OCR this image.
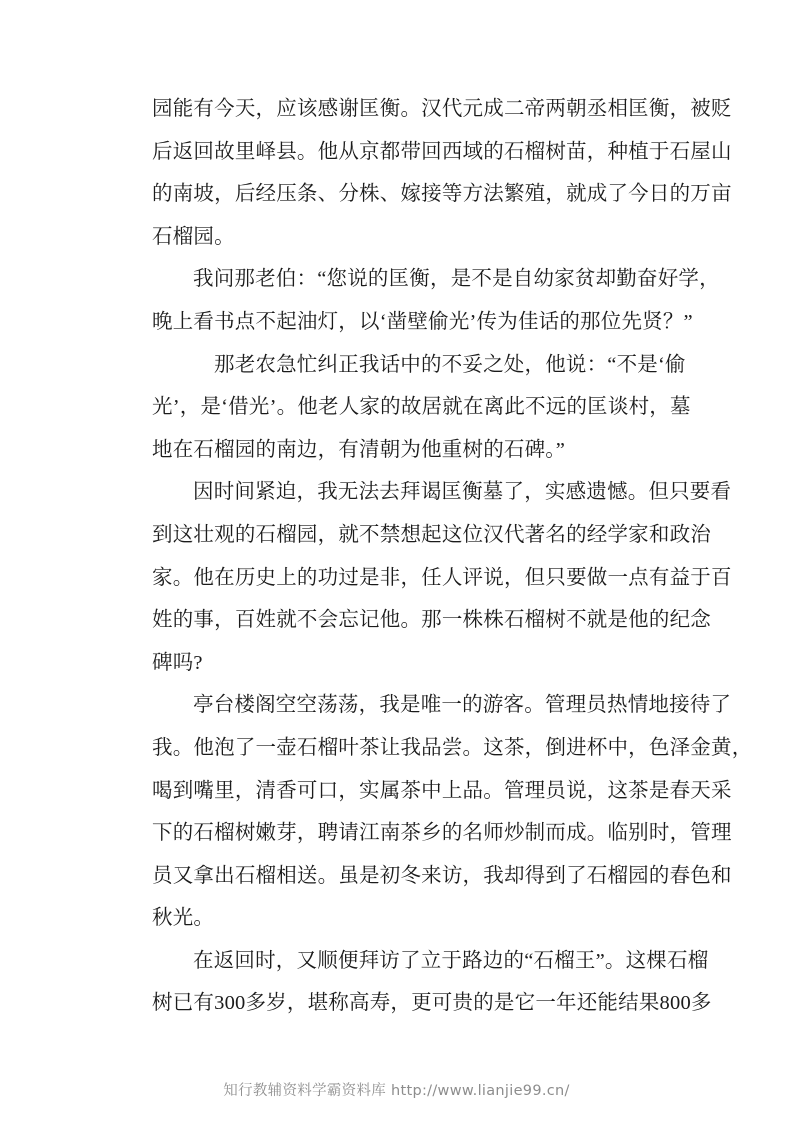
园 能 有 今 天 ， 应 该 感 谢 匡 衡 。 汉 代 元 成 二 帝 两 朝 丞 相 匡 衡 ， 被 贬
后 返 回 故 里 峄 县 。 他 从 京 都 带 回 西 域 的 石 榴 树 苗 ， 种 植 于 石 屋 山
的 南 坡 ， 后 经 压 条 、 分 株 、 嫁 接 等 方 法 繁 殖 ， 就 成 了 今 日 的 万 亩
石榴园。

我问那老伯：“您说的匡衡，是不是自幼家贫却勤奋好学，
晚上看书点不起油灯，以‘凿壁偷光’传为佳话的那位先贤？”

那老农急忙纠正我话中的不妥之处，他说：“不是‘偷
光 ’ ， 是 ‘ 借 光 ’ 。 他 老 人 家 的 故 居 就 在 离 此 不 远 的 匡 谈 村 ， 墓
地在石榴园的南边，有清朝为他重树的石碑。”

因时间紧迫，我无法去拜谒匡衡墓了，实感遗憾。但只要看
到 这 壮 观 的 石 榴 园 ， 就 不 禁 想 起 这 位 汉 代 著 名 的 经 学 家 和 政 治
家 。 他 在 历 史 上 的 功 过 是 非 ， 任 人 评 说 ， 但 只 要 做 一 点 有 益 于 百
姓 的 事 ， 百 姓 就 不 会 忘 记 他 。 那 一 株 株 石 榴 树 不 就 是 他 的 纪 念
碑吗?

亭台楼阁空空荡荡，我是唯一的游客。管理员热情地接待了
我 。 他 泡 了 一 壶 石 榴 叶 茶 让 我 品 尝 。 这 茶 ， 倒 进 杯 中 ， 色 泽 金 黄 ，
喝 到 嘴 里 ， 清 香 可 口 ， 实 属 茶 中 上 品 。 管 理 员 说 ， 这 茶 是 春 天 采
下 的 石 榴 树 嫩 芽 ， 聘 请 江 南 茶 乡 的 名 师 炒 制 而 成 。 临 别 时 ， 管 理
员 又 拿 出 石 榴 相 送 。 虽 是 初 冬 来 访 ， 我 却 得 到 了 石 榴 园 的 春 色 和
秋光。

在返回时，又顺便拜访了立于路边的“石榴王”。这棵石榴
树 已 有 3 0 0 多 岁 ， 堪 称 高 寿 ， 更 可 贵 的 是 它 一 年 还 能 结 果 8 0 0 多

知行教辅资料学霸资料库 http://www.lianjie99.cn/
